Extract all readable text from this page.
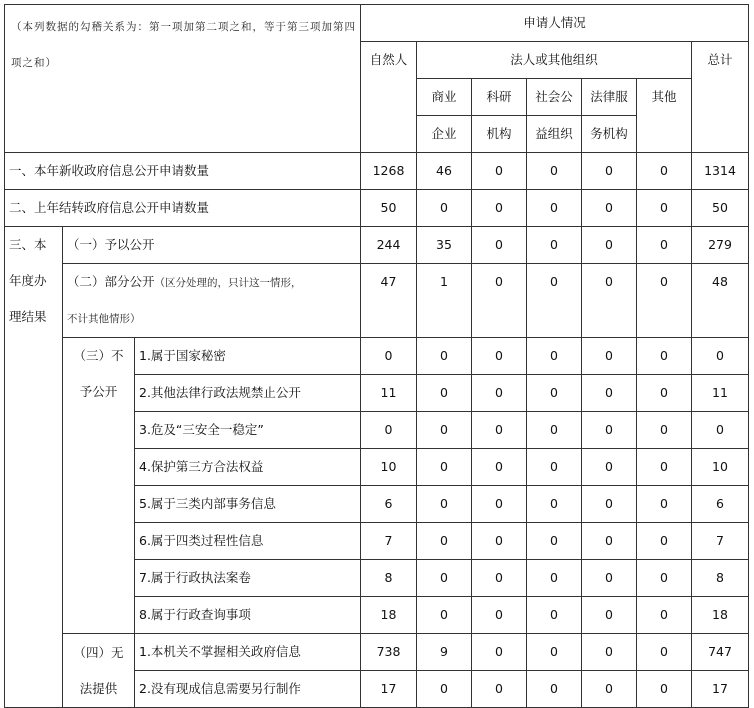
（本列数据的勾稽关系为：第一项加第二项之和，等于第三项加第四项之和）			申请人情况						
			自然人	法人或其他组织					总计
				商业	科研	社会公	法律服	其他	
				企业	机构	益组织	务机构		
一、本年新收政府信息公开申请数量			1268	46	0	0	0	0	1314
二、上年结转政府信息公开申请数量			50	0	0	0	0	0	50

三、本
年度办
理结果	（一）予以公开		244	35	0	0	0	0	279

	（二）部分公开（区分处理的，只计这一情形，
不计其他情形）		47	1	0	0	0	0	48

	（三）不
予公开	1.属于国家秘密	0	0	0	0	0	0	0
		2.其他法律行政法规禁止公开	11	0	0	0	0	0	11
		3.危及“三安全一稳定”	0	0	0	0	0	0	0
		4.保护第三方合法权益	10	0	0	0	0	0	10
		5.属于三类内部事务信息	6	0	0	0	0	0	6
		6.属于四类过程性信息	7	0	0	0	0	0	7
		7.属于行政执法案卷	8	0	0	0	0	0	8
		8.属于行政查询事项	18	0	0	0	0	0	18

	（四）无
法提供	1.本机关不掌握相关政府信息	738	9	0	0	0	0	747
		2.没有现成信息需要另行制作	17	0	0	0	0	0	17
